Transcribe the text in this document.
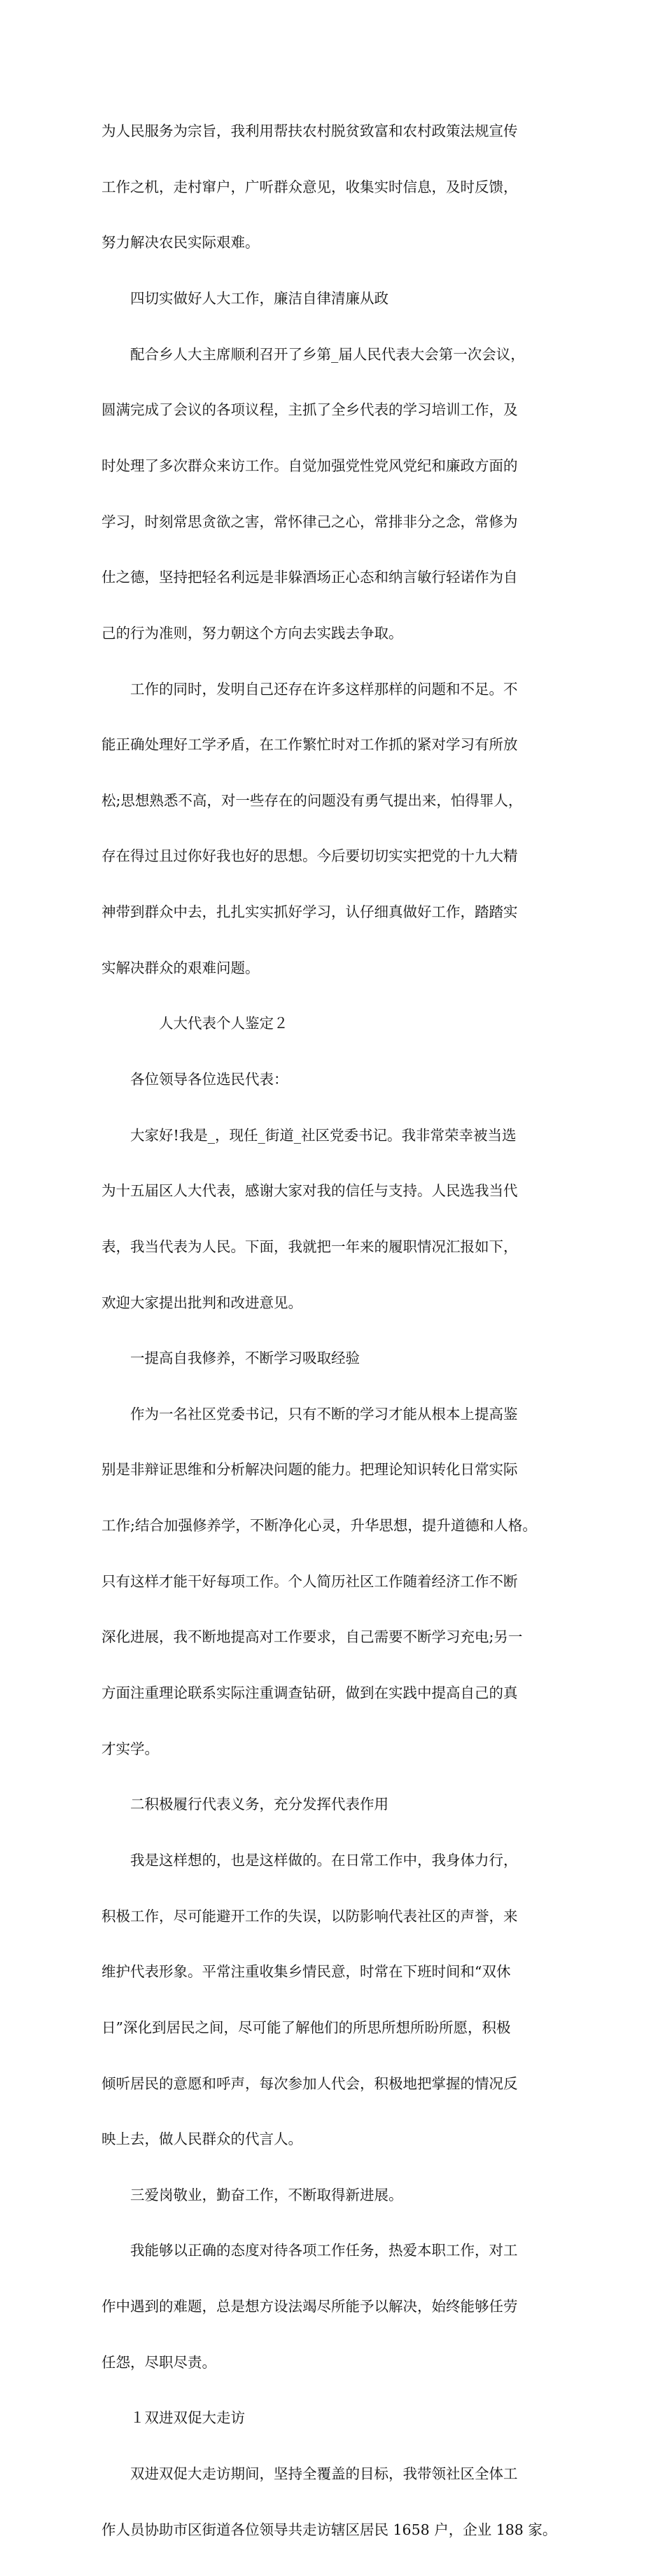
为人民服务为宗旨，我利用帮扶农村脱贫致富和农村政策法规宣传

工作之机，走村窜户，广听群众意见，收集实时信息，及时反馈，

努力解决农民实际艰难。

　　四切实做好人大工作，廉洁自律清廉从政

　　配合乡人大主席顺利召开了乡第_届人民代表大会第一次会议，

圆满完成了会议的各项议程，主抓了全乡代表的学习培训工作，及

时处理了多次群众来访工作。自觉加强党性党风党纪和廉政方面的

学习，时刻常思贪欲之害，常怀律己之心，常排非分之念，常修为

仕之德，坚持把轻名利远是非躲酒场正心态和纳言敏行轻诺作为自

己的行为准则，努力朝这个方向去实践去争取。

　　工作的同时，发明自己还存在许多这样那样的问题和不足。不

能正确处理好工学矛盾，在工作繁忙时对工作抓的紧对学习有所放

松;思想熟悉不高，对一些存在的问题没有勇气提出来，怕得罪人，

存在得过且过你好我也好的思想。今后要切切实实把党的十九大精

神带到群众中去，扎扎实实抓好学习，认仔细真做好工作，踏踏实

实解决群众的艰难问题。

　　　　人大代表个人鉴定２

　　各位领导各位选民代表：

　　大家好!我是_，现任_街道_社区党委书记。我非常荣幸被当选

为十五届区人大代表，感谢大家对我的信任与支持。人民选我当代

表，我当代表为人民。下面，我就把一年来的履职情况汇报如下，

欢迎大家提出批判和改进意见。

　　一提高自我修养，不断学习吸取经验

　　作为一名社区党委书记，只有不断的学习才能从根本上提高鉴

别是非辩证思维和分析解决问题的能力。把理论知识转化日常实际

工作;结合加强修养学，不断净化心灵，升华思想，提升道德和人格。

只有这样才能干好每项工作。个人简历社区工作随着经济工作不断

深化进展，我不断地提高对工作要求，自己需要不断学习充电;另一

方面注重理论联系实际注重调查钻研，做到在实践中提高自己的真

才实学。

　　二积极履行代表义务，充分发挥代表作用

　　我是这样想的，也是这样做的。在日常工作中，我身体力行，

积极工作，尽可能避开工作的失误，以防影响代表社区的声誉，来

维护代表形象。平常注重收集乡情民意，时常在下班时间和“双休

日”深化到居民之间，尽可能了解他们的所思所想所盼所愿，积极

倾听居民的意愿和呼声，每次参加人代会，积极地把掌握的情况反

映上去，做人民群众的代言人。

　　三爱岗敬业，勤奋工作，不断取得新进展。

　　我能够以正确的态度对待各项工作任务，热爱本职工作，对工

作中遇到的难题，总是想方设法竭尽所能予以解决，始终能够任劳

任怨，尽职尽责。

　　１双进双促大走访

　　双进双促大走访期间，坚持全覆盖的目标，我带领社区全体工

作人员协助市区街道各位领导共走访辖区居民 1658 户，企业 188 家。
